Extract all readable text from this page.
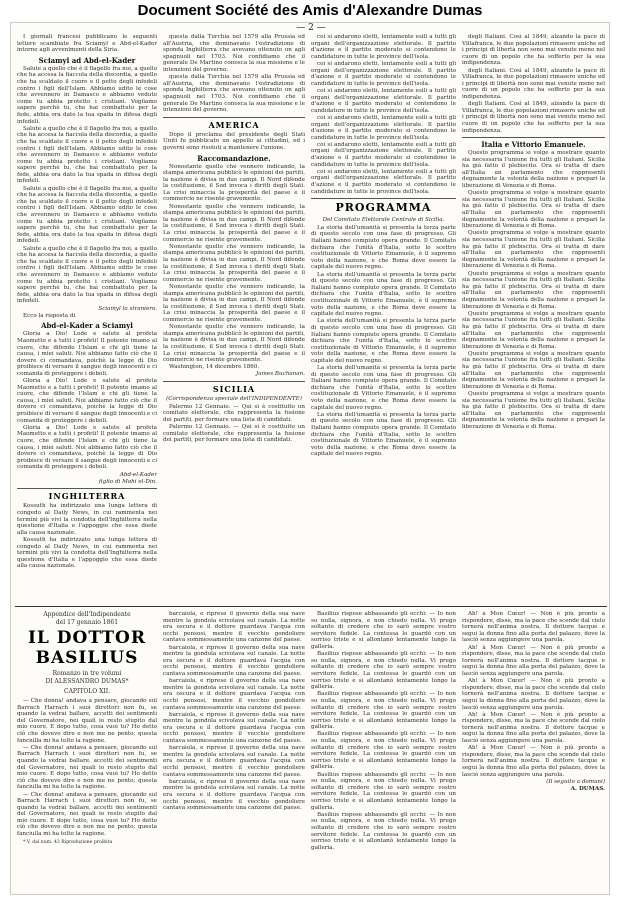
Document Société des Amis d'Alexandre Dumas
— 2 —

I giornali francesi pubblicano le seguenti lettere scambiate fra Sciamyl e Abd-el-Kader intorno agli avvenimenti della Siria.

Sciamyl ad Abd-el-Kader

Salute a quello che è il flagello fra noi, a quello che ha accesa la fiaccola della discordia, a quello che ha scaldato il cuore e il petto degli infedeli contro i figli dell'Islam. Abbiamo udito le cose che avvennero in Damasco e abbiamo veduto come tu abbia protetto i cristiani. Vogliamo sapere perchè tu, che hai combattuto per la fede, abbia ora dato la tua spada in difesa degli infedeli.

Salute a quello che è il flagello fra noi, a quello che ha accesa la fiaccola della discordia, a quello che ha scaldato il cuore e il petto degli infedeli contro i figli dell'Islam. Abbiamo udito le cose che avvennero in Damasco e abbiamo veduto come tu abbia protetto i cristiani. Vogliamo sapere perchè tu, che hai combattuto per la fede, abbia ora dato la tua spada in difesa degli infedeli.

Salute a quello che è il flagello fra noi, a quello che ha accesa la fiaccola della discordia, a quello che ha scaldato il cuore e il petto degli infedeli contro i figli dell'Islam. Abbiamo udito le cose che avvennero in Damasco e abbiamo veduto come tu abbia protetto i cristiani. Vogliamo sapere perchè tu, che hai combattuto per la fede, abbia ora dato la tua spada in difesa degli infedeli.

Salute a quello che è il flagello fra noi, a quello che ha accesa la fiaccola della discordia, a quello che ha scaldato il cuore e il petto degli infedeli contro i figli dell'Islam. Abbiamo udito le cose che avvennero in Damasco e abbiamo veduto come tu abbia protetto i cristiani. Vogliamo sapere perchè tu, che hai combattuto per la fede, abbia ora dato la tua spada in difesa degli infedeli.

Sciamyl lo straniero.

Ecco la risposta di

Abd-el-Kader a Sciamyl

Gloria a Dio! Lode e salute al profeta Maometto e a tutti i profeti! Il potente imamo al cuore, che difende l'Islam e chi gli tiene la causa, i miei saluti. Noi abbiamo fatto ciò che il dovere ci comandava, poichè la legge di Dio proibisce di versare il sangue degli innocenti e ci comanda di proteggere i deboli.

Gloria a Dio! Lode e salute al profeta Maometto e a tutti i profeti! Il potente imamo al cuore, che difende l'Islam e chi gli tiene la causa, i miei saluti. Noi abbiamo fatto ciò che il dovere ci comandava, poichè la legge di Dio proibisce di versare il sangue degli innocenti e ci comanda di proteggere i deboli.

Gloria a Dio! Lode e salute al profeta Maometto e a tutti i profeti! Il potente imamo al cuore, che difende l'Islam e chi gli tiene la causa, i miei saluti. Noi abbiamo fatto ciò che il dovere ci comandava, poichè la legge di Dio proibisce di versare il sangue degli innocenti e ci comanda di proteggere i deboli.

Abd-el-Kader

figlio di Mohi el-Din.

INGHILTERRA

Kossuth ha indirizzato una lunga lettera di congedo al Daily News, in cui rammenta nei termini più vivi la condotta dell'Inghilterra nella questione d'Italia e l'appoggio che essa diede alla causa nazionale.

Kossuth ha indirizzato una lunga lettera di congedo al Daily News, in cui rammenta nei termini più vivi la condotta dell'Inghilterra nella questione d'Italia e l'appoggio che essa diede alla causa nazionale.

questa dalla Turchia nel 1579 alla Prussia ed all'Austria, che dominavano l'estradizione di sponda Inghilterra che avevano ottenuto un agli spagnuoli nel 1703. Noi confidiamo che il generale De Martino conosca la sua missione e le intenzioni del governo.

questa dalla Turchia nel 1579 alla Prussia ed all'Austria, che dominavano l'estradizione di sponda Inghilterra che avevano ottenuto un agli spagnuoli nel 1703. Noi confidiamo che il generale De Martino conosca la sua missione e le intenzioni del governo.

AMERICA

Dopo il proclama del presidente degli Stati Uniti fu pubblicato un appello ai cittadini, ed i governi sono risoluti a mantenere l'unione.

Raccomandazione.

Nonostante quello che vennero indicando, la stampa americana pubblicò le opinioni dei partiti, la nazione è divisa in due campi. Il Nord difende la costituzione, il Sud invoca i diritti degli Stati. La crisi minaccia la prosperità del paese e il commercio ne risente gravemente.

Nonostante quello che vennero indicando, la stampa americana pubblicò le opinioni dei partiti, la nazione è divisa in due campi. Il Nord difende la costituzione, il Sud invoca i diritti degli Stati. La crisi minaccia la prosperità del paese e il commercio ne risente gravemente.

Nonostante quello che vennero indicando, la stampa americana pubblicò le opinioni dei partiti, la nazione è divisa in due campi. Il Nord difende la costituzione, il Sud invoca i diritti degli Stati. La crisi minaccia la prosperità del paese e il commercio ne risente gravemente.

Nonostante quello che vennero indicando, la stampa americana pubblicò le opinioni dei partiti, la nazione è divisa in due campi. Il Nord difende la costituzione, il Sud invoca i diritti degli Stati. La crisi minaccia la prosperità del paese e il commercio ne risente gravemente.

Nonostante quello che vennero indicando, la stampa americana pubblicò le opinioni dei partiti, la nazione è divisa in due campi. Il Nord difende la costituzione, il Sud invoca i diritti degli Stati. La crisi minaccia la prosperità del paese e il commercio ne risente gravemente.

Washington, 14 dicembre 1860.

James Buchanan.

SICILIA
(Corrispondenza speciale dell'INDIPENDENTE)

Palermo 12 Gennaio. — Qui si è costituito un comitato elettorale, che rappresenta la fusione dei partiti, per formare una lista di candidati.

Palermo 12 Gennaio. — Qui si è costituito un comitato elettorale, che rappresenta la fusione dei partiti, per formare una lista di candidati.

coi si andarono eletti, lentamente esili a tutti gli organi dell'organizzazione elettorale. Il partito d'azione e il partito moderato si contendono le candidature in tutte le province dell'isola.

coi si andarono eletti, lentamente esili a tutti gli organi dell'organizzazione elettorale. Il partito d'azione e il partito moderato si contendono le candidature in tutte le province dell'isola.

coi si andarono eletti, lentamente esili a tutti gli organi dell'organizzazione elettorale. Il partito d'azione e il partito moderato si contendono le candidature in tutte le province dell'isola.

coi si andarono eletti, lentamente esili a tutti gli organi dell'organizzazione elettorale. Il partito d'azione e il partito moderato si contendono le candidature in tutte le province dell'isola.

coi si andarono eletti, lentamente esili a tutti gli organi dell'organizzazione elettorale. Il partito d'azione e il partito moderato si contendono le candidature in tutte le province dell'isola.

coi si andarono eletti, lentamente esili a tutti gli organi dell'organizzazione elettorale. Il partito d'azione e il partito moderato si contendono le candidature in tutte le province dell'isola.

PROGRAMMA
Del Comitato Elettorale Centrale di Sicilia.

La storia dell'umanità si presenta la terza parte di questo secolo con una fase di progresso. Gli Italiani hanno compiuto opera grande. Il Comitato dichiara che l'unità d'Italia, sotto lo scettro costituzionale di Vittorio Emanuele, è il supremo voto della nazione, e che Roma deve essere la capitale del nuovo regno.

La storia dell'umanità si presenta la terza parte di questo secolo con una fase di progresso. Gli Italiani hanno compiuto opera grande. Il Comitato dichiara che l'unità d'Italia, sotto lo scettro costituzionale di Vittorio Emanuele, è il supremo voto della nazione, e che Roma deve essere la capitale del nuovo regno.

La storia dell'umanità si presenta la terza parte di questo secolo con una fase di progresso. Gli Italiani hanno compiuto opera grande. Il Comitato dichiara che l'unità d'Italia, sotto lo scettro costituzionale di Vittorio Emanuele, è il supremo voto della nazione, e che Roma deve essere la capitale del nuovo regno.

La storia dell'umanità si presenta la terza parte di questo secolo con una fase di progresso. Gli Italiani hanno compiuto opera grande. Il Comitato dichiara che l'unità d'Italia, sotto lo scettro costituzionale di Vittorio Emanuele, è il supremo voto della nazione, e che Roma deve essere la capitale del nuovo regno.

La storia dell'umanità si presenta la terza parte di questo secolo con una fase di progresso. Gli Italiani hanno compiuto opera grande. Il Comitato dichiara che l'unità d'Italia, sotto lo scettro costituzionale di Vittorio Emanuele, è il supremo voto della nazione, e che Roma deve essere la capitale del nuovo regno.

degli Italiani. Così al 1849, alzando la pace di Villafranca, le due popolazioni rimasero uniche ed i principi di libertà non sono mai venute meno nel cuore di un popolo che ha sofferto per la sua indipendenza.

degli Italiani. Così al 1849, alzando la pace di Villafranca, le due popolazioni rimasero uniche ed i principi di libertà non sono mai venute meno nel cuore di un popolo che ha sofferto per la sua indipendenza.

degli Italiani. Così al 1849, alzando la pace di Villafranca, le due popolazioni rimasero uniche ed i principi di libertà non sono mai venute meno nel cuore di un popolo che ha sofferto per la sua indipendenza.

Italia e Vittorio Emanuele.

Questo programma si volge a mostrare quanto sia necessaria l'unione fra tutti gli Italiani. Sicilia ha già fatto il plebiscito. Ora si tratta di dare all'Italia un parlamento che rappresenti degnamente la volontà della nazione e prepari la liberazione di Venezia e di Roma.

Questo programma si volge a mostrare quanto sia necessaria l'unione fra tutti gli Italiani. Sicilia ha già fatto il plebiscito. Ora si tratta di dare all'Italia un parlamento che rappresenti degnamente la volontà della nazione e prepari la liberazione di Venezia e di Roma.

Questo programma si volge a mostrare quanto sia necessaria l'unione fra tutti gli Italiani. Sicilia ha già fatto il plebiscito. Ora si tratta di dare all'Italia un parlamento che rappresenti degnamente la volontà della nazione e prepari la liberazione di Venezia e di Roma.

Questo programma si volge a mostrare quanto sia necessaria l'unione fra tutti gli Italiani. Sicilia ha già fatto il plebiscito. Ora si tratta di dare all'Italia un parlamento che rappresenti degnamente la volontà della nazione e prepari la liberazione di Venezia e di Roma.

Questo programma si volge a mostrare quanto sia necessaria l'unione fra tutti gli Italiani. Sicilia ha già fatto il plebiscito. Ora si tratta di dare all'Italia un parlamento che rappresenti degnamente la volontà della nazione e prepari la liberazione di Venezia e di Roma.

Questo programma si volge a mostrare quanto sia necessaria l'unione fra tutti gli Italiani. Sicilia ha già fatto il plebiscito. Ora si tratta di dare all'Italia un parlamento che rappresenti degnamente la volontà della nazione e prepari la liberazione di Venezia e di Roma.

Questo programma si volge a mostrare quanto sia necessaria l'unione fra tutti gli Italiani. Sicilia ha già fatto il plebiscito. Ora si tratta di dare all'Italia un parlamento che rappresenti degnamente la volontà della nazione e prepari la liberazione di Venezia e di Roma.

Appendice dell'Indipendente
del 17 gennaio 1861
IL DOTTOR BASILIUS
Romanzo in tre volumi
DI ALESSANDRO DUMAS*
CAPITOLO XII.

— Che donna! andava a pensare, giocando sul Barrach Harrach i suoi direttori non fu, se quando la vedrai ballare, accetti dei sentimenti del Governatore, nei quali io resto stupito dal mio cuore. E dopo tutto, cosa vuoi tu? Ho detto ciò che dovevo dire e non me ne pento; questa fanciulla mi ha tolto la ragione.

— Che donna! andava a pensare, giocando sul Barrach Harrach i suoi direttori non fu, se quando la vedrai ballare, accetti dei sentimenti del Governatore, nei quali io resto stupito dal mio cuore. E dopo tutto, cosa vuoi tu? Ho detto ciò che dovevo dire e non me ne pento; questa fanciulla mi ha tolto la ragione.

— Che donna! andava a pensare, giocando sul Barrach Harrach i suoi direttori non fu, se quando la vedrai ballare, accetti dei sentimenti del Governatore, nei quali io resto stupito dal mio cuore. E dopo tutto, cosa vuoi tu? Ho detto ciò che dovevo dire e non me ne pento; questa fanciulla mi ha tolto la ragione.

* V. dal num. 43 Riproduzione proibita

barcaiola, e riprese il governo della sua nave mentre la gondola scivolava sul canale. La notte era oscura e il dottore guardava l'acqua con occhi pensosi, mentre il vecchio gondoliere cantava sommessamente una canzone del paese.

barcaiola, e riprese il governo della sua nave mentre la gondola scivolava sul canale. La notte era oscura e il dottore guardava l'acqua con occhi pensosi, mentre il vecchio gondoliere cantava sommessamente una canzone del paese.

barcaiola, e riprese il governo della sua nave mentre la gondola scivolava sul canale. La notte era oscura e il dottore guardava l'acqua con occhi pensosi, mentre il vecchio gondoliere cantava sommessamente una canzone del paese.

barcaiola, e riprese il governo della sua nave mentre la gondola scivolava sul canale. La notte era oscura e il dottore guardava l'acqua con occhi pensosi, mentre il vecchio gondoliere cantava sommessamente una canzone del paese.

barcaiola, e riprese il governo della sua nave mentre la gondola scivolava sul canale. La notte era oscura e il dottore guardava l'acqua con occhi pensosi, mentre il vecchio gondoliere cantava sommessamente una canzone del paese.

barcaiola, e riprese il governo della sua nave mentre la gondola scivolava sul canale. La notte era oscura e il dottore guardava l'acqua con occhi pensosi, mentre il vecchio gondoliere cantava sommessamente una canzone del paese.

Basilius rispose abbassando gli occhi: — Io non so nulla, signora, e non chiedo nulla. Vi prego soltanto di credere che io sarò sempre vostro servitore fedele. La contessa lo guardò con un sorriso triste e si allontanò lentamente lungo la galleria.

Basilius rispose abbassando gli occhi: — Io non so nulla, signora, e non chiedo nulla. Vi prego soltanto di credere che io sarò sempre vostro servitore fedele. La contessa lo guardò con un sorriso triste e si allontanò lentamente lungo la galleria.

Basilius rispose abbassando gli occhi: — Io non so nulla, signora, e non chiedo nulla. Vi prego soltanto di credere che io sarò sempre vostro servitore fedele. La contessa lo guardò con un sorriso triste e si allontanò lentamente lungo la galleria.

Basilius rispose abbassando gli occhi: — Io non so nulla, signora, e non chiedo nulla. Vi prego soltanto di credere che io sarò sempre vostro servitore fedele. La contessa lo guardò con un sorriso triste e si allontanò lentamente lungo la galleria.

Basilius rispose abbassando gli occhi: — Io non so nulla, signora, e non chiedo nulla. Vi prego soltanto di credere che io sarò sempre vostro servitore fedele. La contessa lo guardò con un sorriso triste e si allontanò lentamente lungo la galleria.

Basilius rispose abbassando gli occhi: — Io non so nulla, signora, e non chiedo nulla. Vi prego soltanto di credere che io sarò sempre vostro servitore fedele. La contessa lo guardò con un sorriso triste e si allontanò lentamente lungo la galleria.

Ah! à Mon Cœur! — Non è più pronto a rispondere, disse, ma la pace che scende dal cielo tornerà nell'anima nostra. Il dottore tacque e segui la donna fino alla porta del palazzo, dove la lasciò senza aggiungere una parola.

Ah! à Mon Cœur! — Non è più pronto a rispondere, disse, ma la pace che scende dal cielo tornerà nell'anima nostra. Il dottore tacque e segui la donna fino alla porta del palazzo, dove la lasciò senza aggiungere una parola.

Ah! à Mon Cœur! — Non è più pronto a rispondere, disse, ma la pace che scende dal cielo tornerà nell'anima nostra. Il dottore tacque e segui la donna fino alla porta del palazzo, dove la lasciò senza aggiungere una parola.

Ah! à Mon Cœur! — Non è più pronto a rispondere, disse, ma la pace che scende dal cielo tornerà nell'anima nostra. Il dottore tacque e segui la donna fino alla porta del palazzo, dove la lasciò senza aggiungere una parola.

Ah! à Mon Cœur! — Non è più pronto a rispondere, disse, ma la pace che scende dal cielo tornerà nell'anima nostra. Il dottore tacque e segui la donna fino alla porta del palazzo, dove la lasciò senza aggiungere una parola.

(Il seguito a domani)

A. DUMAS.
